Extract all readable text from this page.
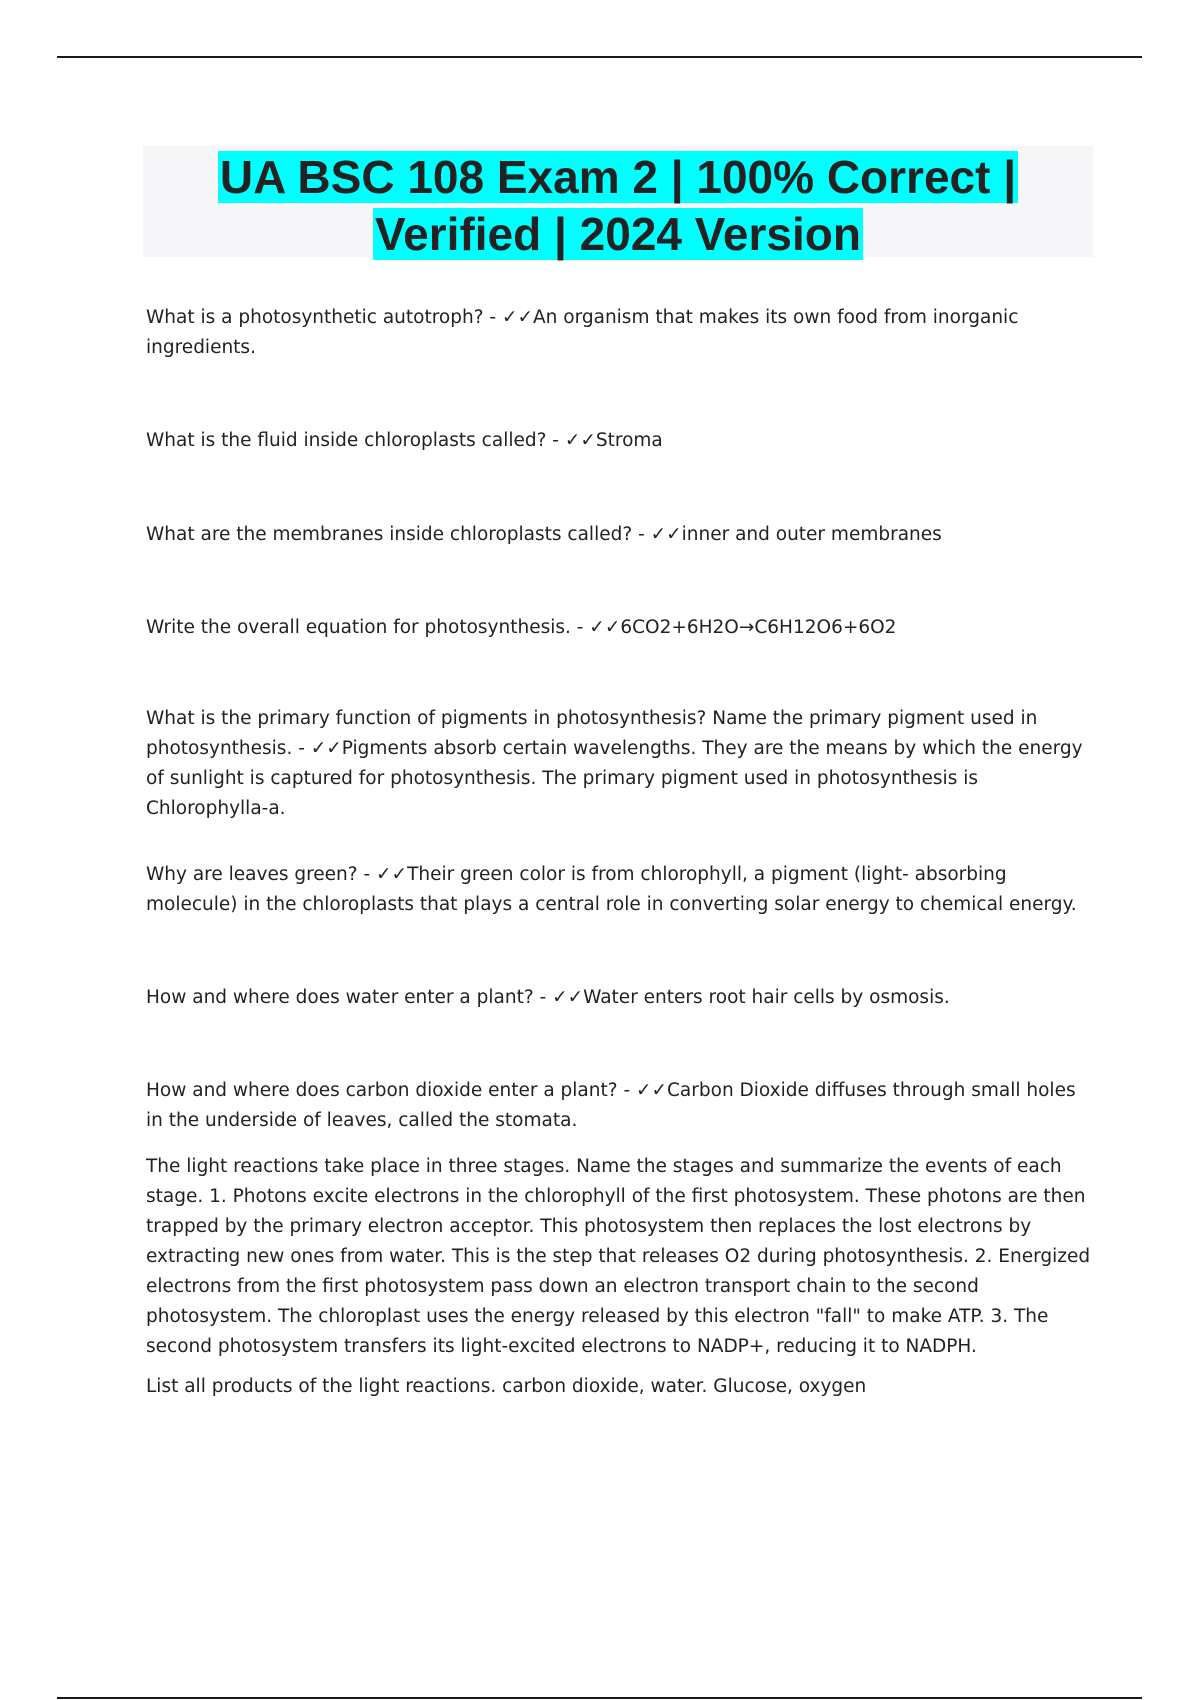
UA BSC 108 Exam 2 | 100% Correct |
Verified | 2024 Version

What is a photosynthetic autotroph? - ✓✓An organism that makes its own food from inorganic ingredients.

What is the fluid inside chloroplasts called? - ✓✓Stroma

What are the membranes inside chloroplasts called? - ✓✓inner and outer membranes

Write the overall equation for photosynthesis. - ✓✓6CO2+6H2O→C6H12O6+6O2

What is the primary function of pigments in photosynthesis? Name the primary pigment used in photosynthesis. - ✓✓Pigments absorb certain wavelengths. They are the means by which the energy of sunlight is captured for photosynthesis. The primary pigment used in photosynthesis is Chlorophylla-a.

Why are leaves green? - ✓✓Their green color is from chlorophyll, a pigment (light- absorbing molecule) in the chloroplasts that plays a central role in converting solar energy to chemical energy.

How and where does water enter a plant? - ✓✓Water enters root hair cells by osmosis.

How and where does carbon dioxide enter a plant? - ✓✓Carbon Dioxide diffuses through small holes in the underside of leaves, called the stomata.

The light reactions take place in three stages. Name the stages and summarize the events of each stage. 1. Photons excite electrons in the chlorophyll of the first photosystem. These photons are then trapped by the primary electron acceptor. This photosystem then replaces the lost electrons by extracting new ones from water. This is the step that releases O2 during photosynthesis. 2. Energized electrons from the first photosystem pass down an electron transport chain to the second photosystem. The chloroplast uses the energy released by this electron "fall" to make ATP. 3. The second photosystem transfers its light-excited electrons to NADP+, reducing it to NADPH.

List all products of the light reactions. carbon dioxide, water. Glucose, oxygen
